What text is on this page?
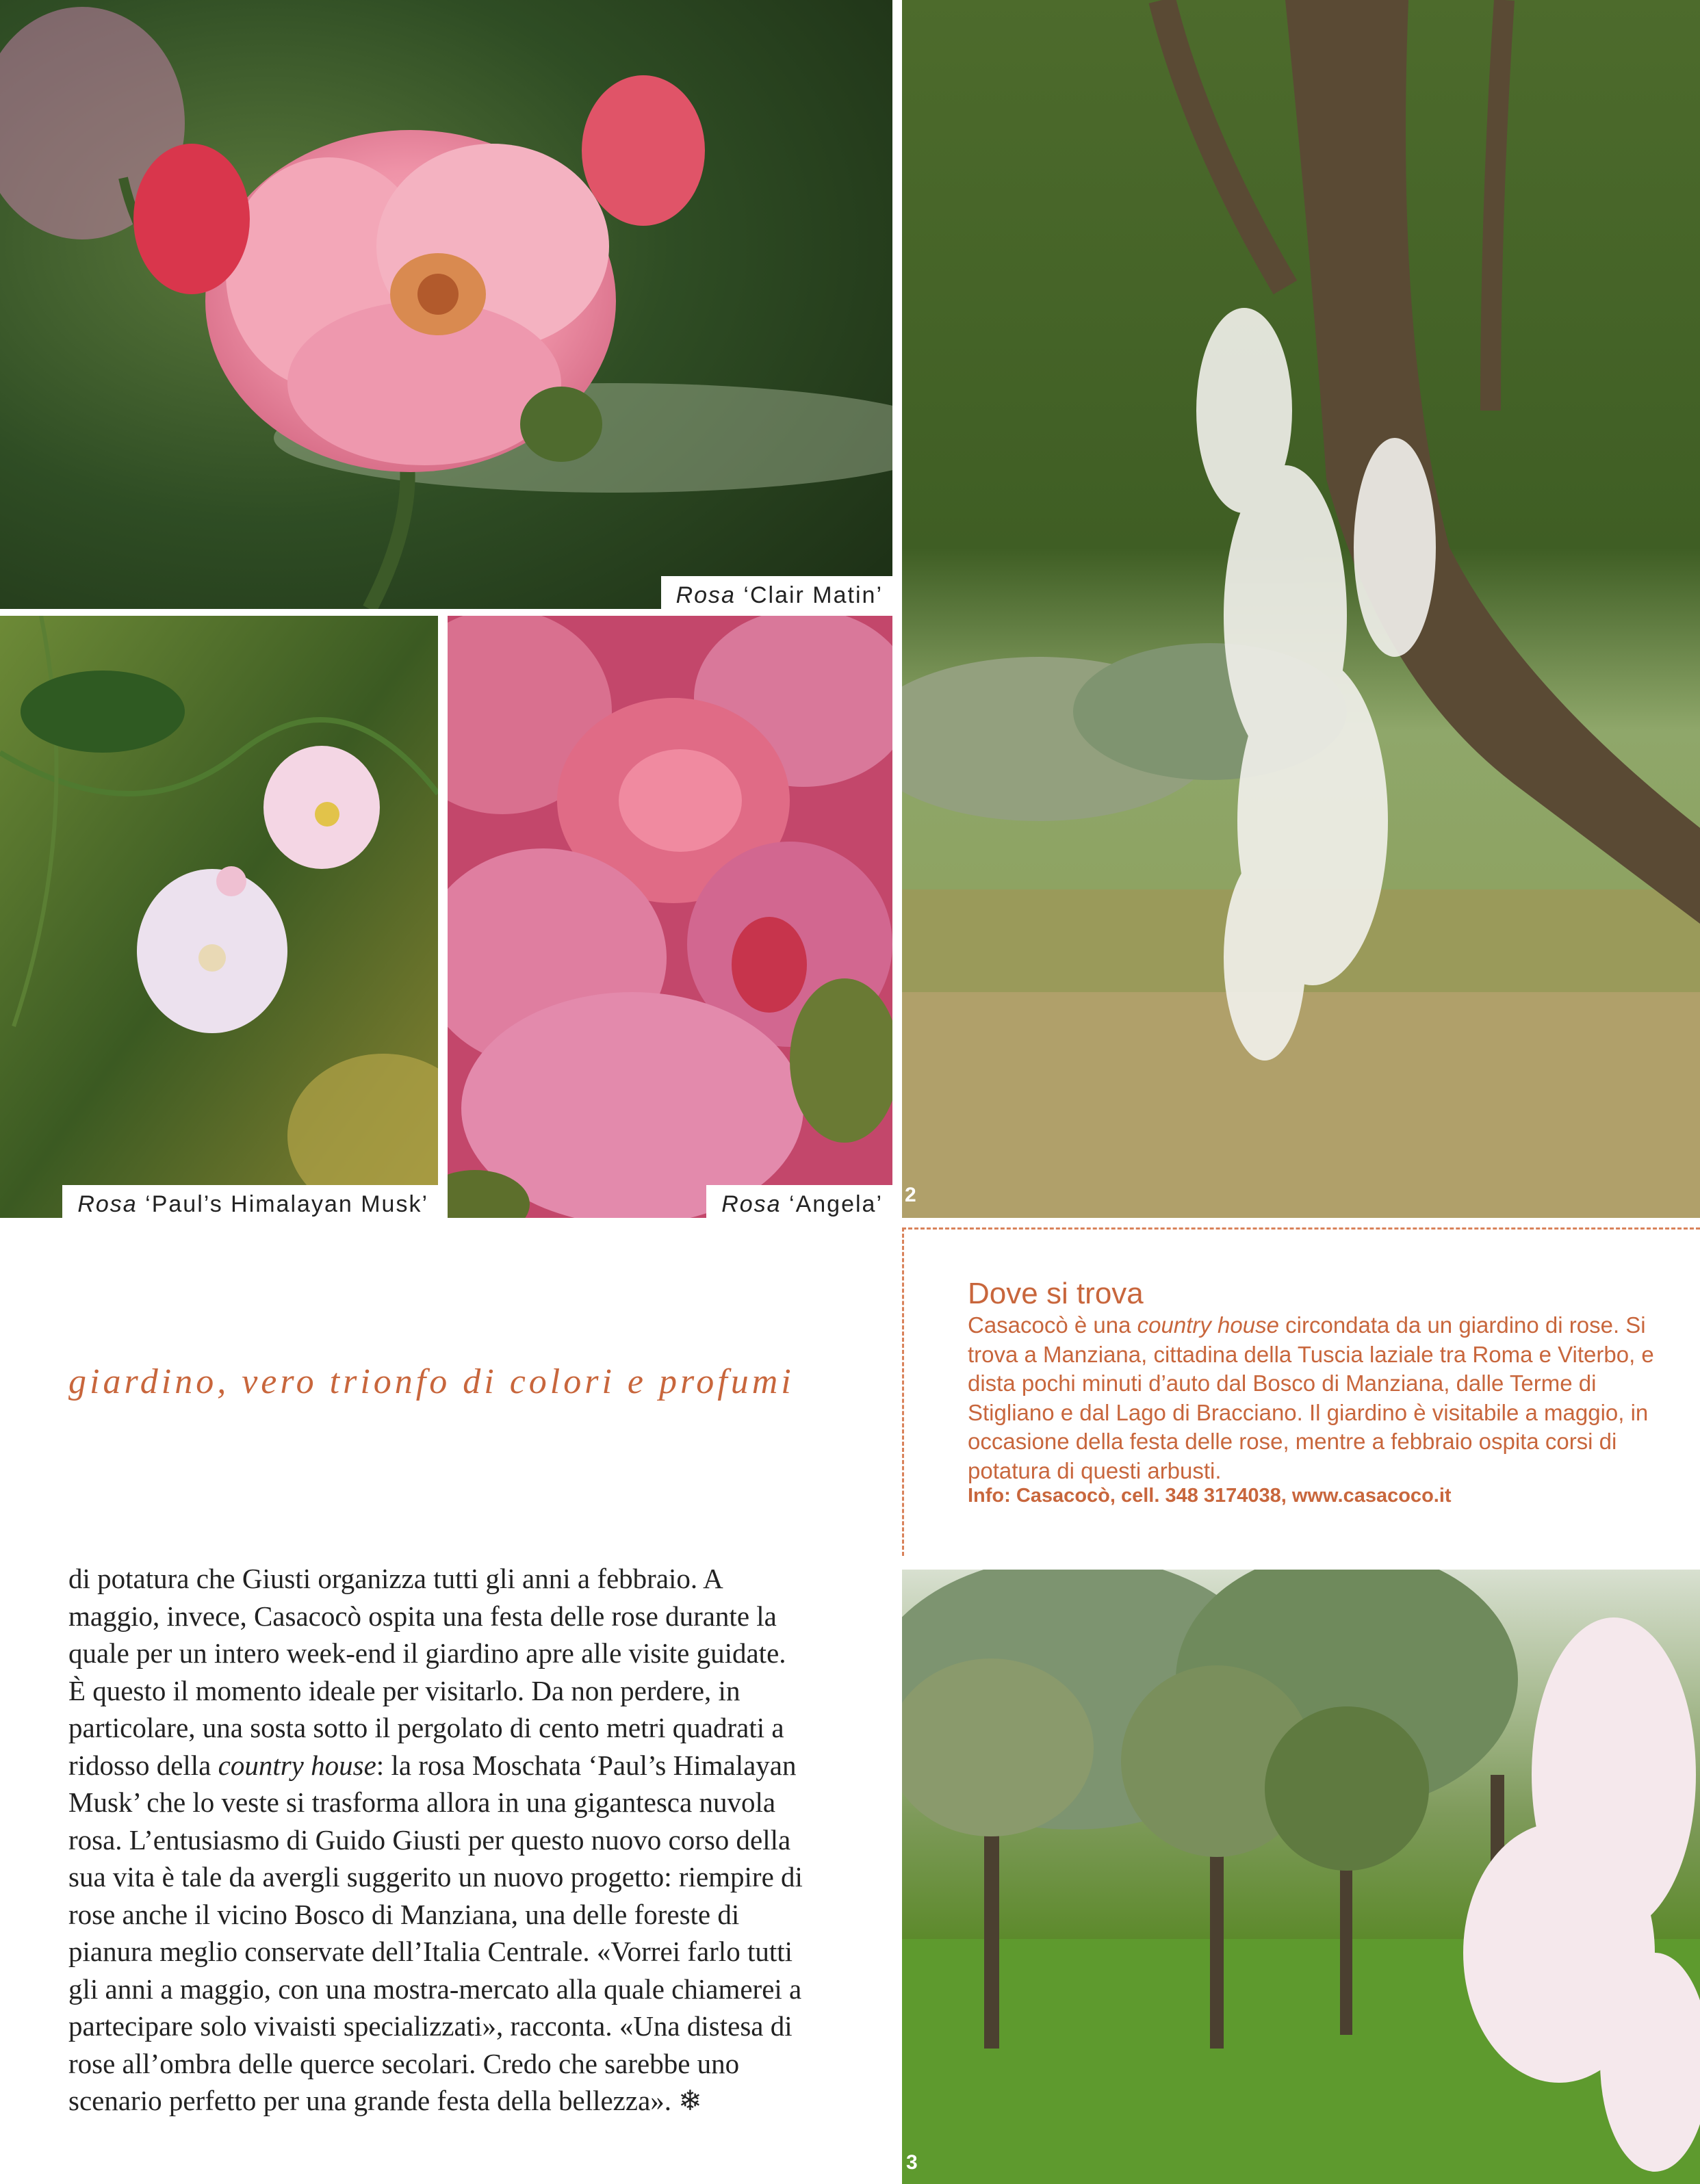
Rosa ‘Clair Matin’
Rosa ‘Paul’s Himalayan Musk’	Rosa ‘Angela’	2
giardino, vero trionfo di colori e profumi
Dove si trova

Casacocò è una country house circondata da un giardino di rose. Si trova a Manziana, cittadina della Tuscia laziale tra Roma e Viterbo, e dista pochi minuti d’auto dal Bosco di Manziana, dalle Terme di Stigliano e dal Lago di Bracciano. Il giardino è visitabile a maggio, in occasione della festa delle rose, mentre a febbraio ospita corsi di potatura di questi arbusti.

Info: Casacocò, cell. 348 3174038, www.casacoco.it

di potatura che Giusti organizza tutti gli anni a febbraio. A maggio, invece, Casacocò ospita una festa delle rose durante la quale per un intero week-end il giardino apre alle visite guidate. È questo il momento ideale per visitarlo. Da non perdere, in particolare, una sosta sotto il pergolato di cento metri quadrati a ridosso della country house: la rosa Moschata ‘Paul’s Himalayan Musk’ che lo veste si trasforma allora in una gigantesca nuvola rosa. L’entusiasmo di Guido Giusti per questo nuovo corso della sua vita è tale da avergli suggerito un nuovo progetto: riempire di rose anche il vicino Bosco di Manziana, una delle foreste di pianura meglio conservate dell’Italia Centrale. «Vorrei farlo tutti gli anni a maggio, con una mostra-mercato alla quale chiamerei a partecipare solo vivaisti specializzati», racconta. «Una distesa di rose all’ombra delle querce secolari. Credo che sarebbe uno scenario perfetto per una grande festa della bellezza». ❄

3
